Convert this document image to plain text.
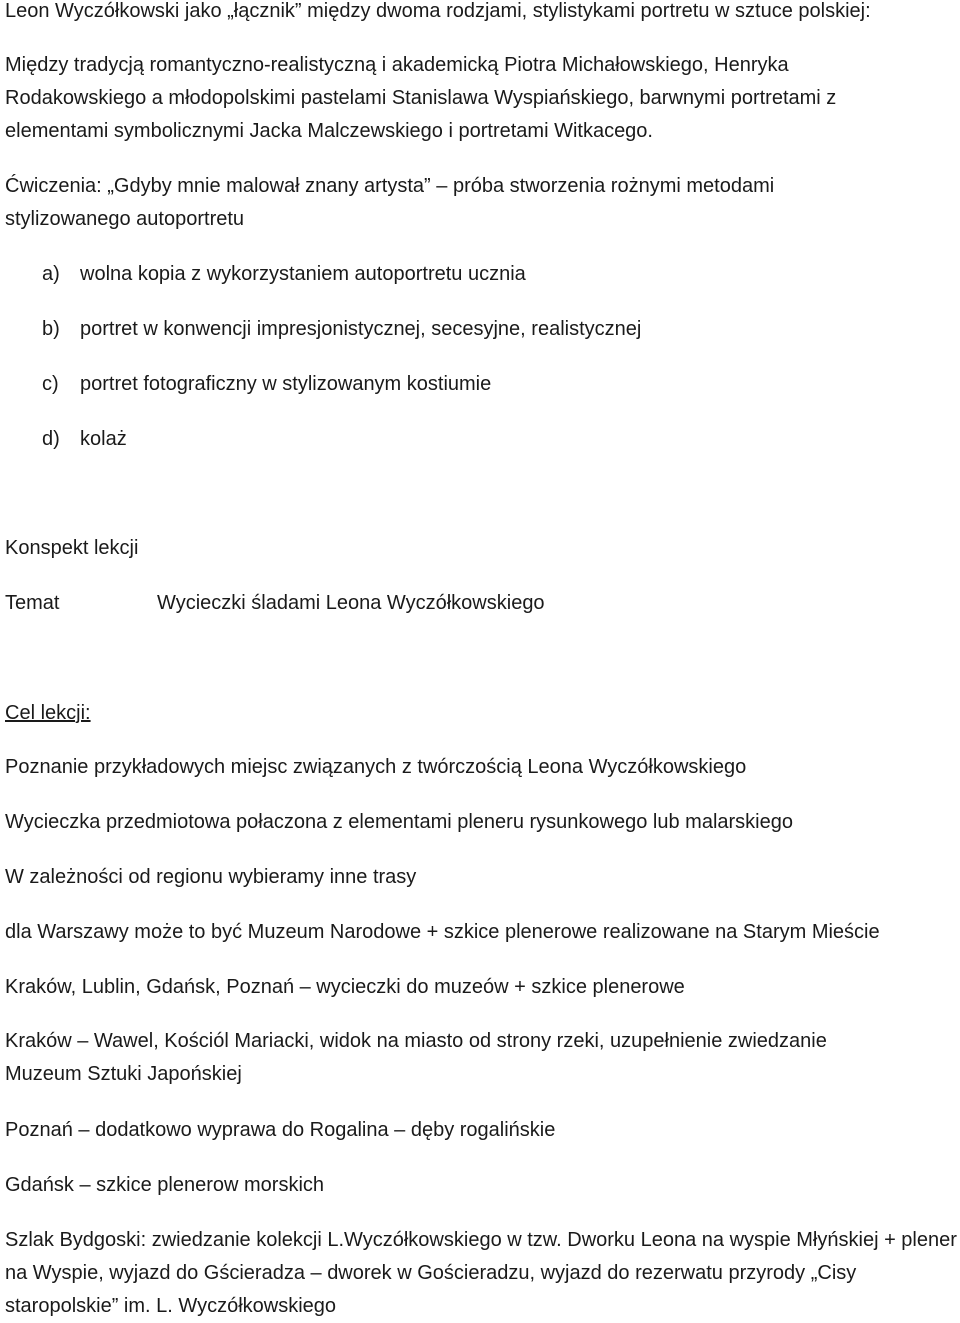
Leon Wyczółkowski jako „łącznik” między dwoma rodzjami, stylistykami portretu w sztuce polskiej:

Między tradycją romantyczno-realistyczną i akademicką Piotra Michałowskiego, Henryka Rodakowskiego a młodopolskimi pastelami Stanislawa Wyspiańskiego, barwnymi portretami z elementami symbolicznymi Jacka Malczewskiego i portretami Witkacego.

Ćwiczenia: „Gdyby mnie malował znany artysta” – próba stworzenia rożnymi metodami stylizowanego autoportretu

a)	wolna kopia z wykorzystaniem autoportretu ucznia
b)	portret w konwencji impresjonistycznej, secesyjne, realistycznej
c)	portret fotograficzny w stylizowanym kostiumie
d)	kolaż

Konspekt lekcji

Temat	Wycieczki śladami Leona Wyczółkowskiego

Cel lekcji:

Poznanie przykładowych miejsc związanych z twórczością Leona Wyczółkowskiego

Wycieczka przedmiotowa połaczona z elementami pleneru rysunkowego lub malarskiego

W zależności od regionu wybieramy inne trasy

dla Warszawy może to być Muzeum Narodowe + szkice plenerowe realizowane na Starym Mieście

Kraków, Lublin, Gdańsk, Poznań – wycieczki do muzeów + szkice plenerowe

Kraków – Wawel, Kościól Mariacki, widok na miasto od strony rzeki, uzupełnienie zwiedzanie Muzeum Sztuki Japońskiej

Poznań – dodatkowo wyprawa do Rogalina – dęby rogalińskie

Gdańsk – szkice plenerow morskich

Szlak Bydgoski: zwiedzanie kolekcji L.Wyczółkowskiego w tzw. Dworku Leona na wyspie Młyńskiej + plener na Wyspie, wyjazd do Gścieradza – dworek w Gościeradzu, wyjazd do rezerwatu przyrody „Cisy staropolskie” im. L. Wyczółkowskiego
